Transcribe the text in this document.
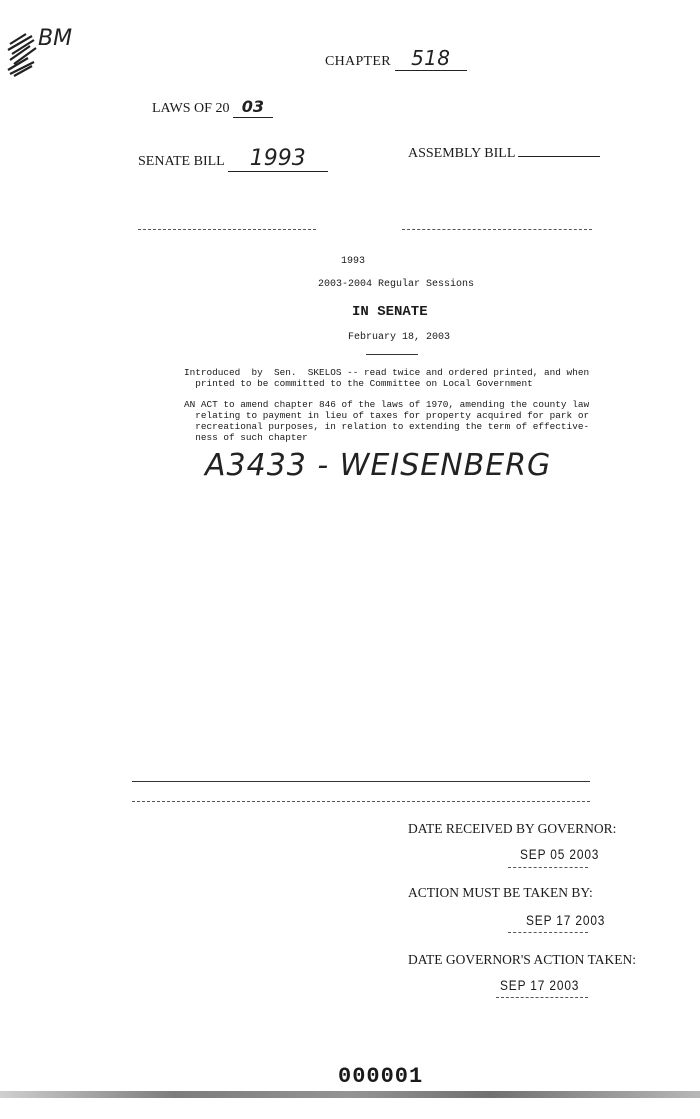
BM
CHAPTER 518
LAWS OF 20 03
SENATE BILL 1993	ASSEMBLY BILL
1993
2003-2004 Regular Sessions
IN SENATE
February 18, 2003
Introduced  by  Sen.  SKELOS -- read twice and ordered printed, and when
printed to be committed to the Committee on Local Government
AN ACT to amend chapter 846 of the laws of 1970, amending the county law
relating to payment in lieu of taxes for property acquired for park or
recreational purposes, in relation to extending the term of effective-
ness of such chapter
A3433 - WEISENBERG
DATE RECEIVED BY GOVERNOR:
SEP 05 2003
ACTION MUST BE TAKEN BY:
SEP 17 2003
DATE GOVERNOR'S ACTION TAKEN:
SEP 17 2003
000001
